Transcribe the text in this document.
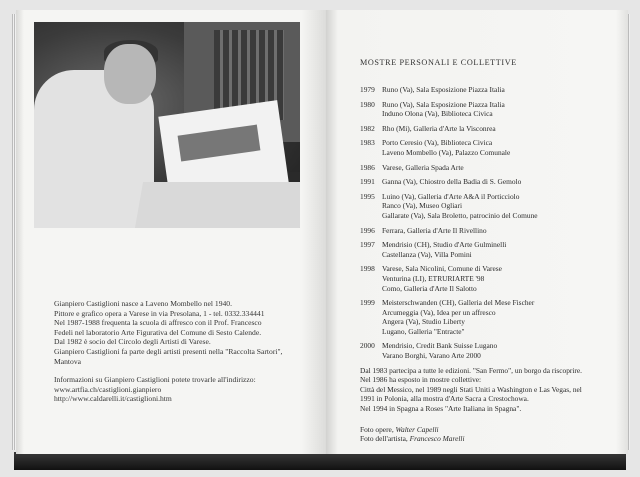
Gianpiero Castiglioni nasce a Laveno Mombello nel 1940.

Pittore e grafico opera a Varese in via Presolana, 1 - tel. 0332.334441

Nel 1987-1988 frequenta la scuola di affresco con il Prof. Francesco

Fedeli nel laboratorio Arte Figurativa del Comune di Sesto Calende.

Dal 1982 è socio del Circolo degli Artisti di Varese.

Gianpiero Castiglioni fa parte degli artisti presenti nella "Raccolta Sartori",

Mantova

Informazioni su Gianpiero Castiglioni potete trovarle all'indirizzo:

www.artfia.ch/castiglioni.gianpiero

http://www.caldarelli.it/castiglioni.htm

MOSTRE PERSONALI E COLLETTIVE
1979 Runo (Va), Sala Esposizione Piazza Italia
1980 Runo (Va), Sala Esposizione Piazza Italia
Induno Olona (Va), Biblioteca Civica
1982 Rho (Mi), Galleria d'Arte la Visconrea
1983 Porto Ceresio (Va), Biblioteca Civica
Laveno Mombello (Va), Palazzo Comunale
1986 Varese, Galleria Spada Arte
1991 Ganna (Va), Chiostro della Badia di S. Gemolo
1995 Luino (Va), Galleria d'Arte A&A il Porticciolo
Ranco (Va), Museo Ogliari
Gallarate (Va), Sala Broletto, patrocinio del Comune
1996 Ferrara, Galleria d'Arte Il Rivellino
1997 Mendrisio (CH), Studio d'Arte Gulminelli
Castellanza (Va), Villa Pomini
1998 Varese, Sala Nicolini, Comune di Varese
Venturina (LI), ETRURIARTE '98
Como, Galleria d'Arte Il Salotto
1999 Meisterschwanden (CH), Galleria del Mese Fischer
Arcumeggia (Va), Idea per un affresco
Angera (Va), Studio Liberty
Lugano, Galleria "Entracte"
2000 Mendrisio, Credit Bank Suisse Lugano
Varano Borghi, Varano Arte 2000
Dal 1983 partecipa a tutte le edizioni. "San Fermo", un borgo da riscoprire.
Nel 1986 ha esposto in mostre collettive:
Città del Messico, nel 1989 negli Stati Uniti a Washington e Las Vegas, nel
1991 in Polonia, alla mostra d'Arte Sacra a Crestochowa.
Nel 1994 in Spagna a Roses "Arte Italiana in Spagna".
Foto opere, Walter Capelli
Foto dell'artista, Francesco Marelli
